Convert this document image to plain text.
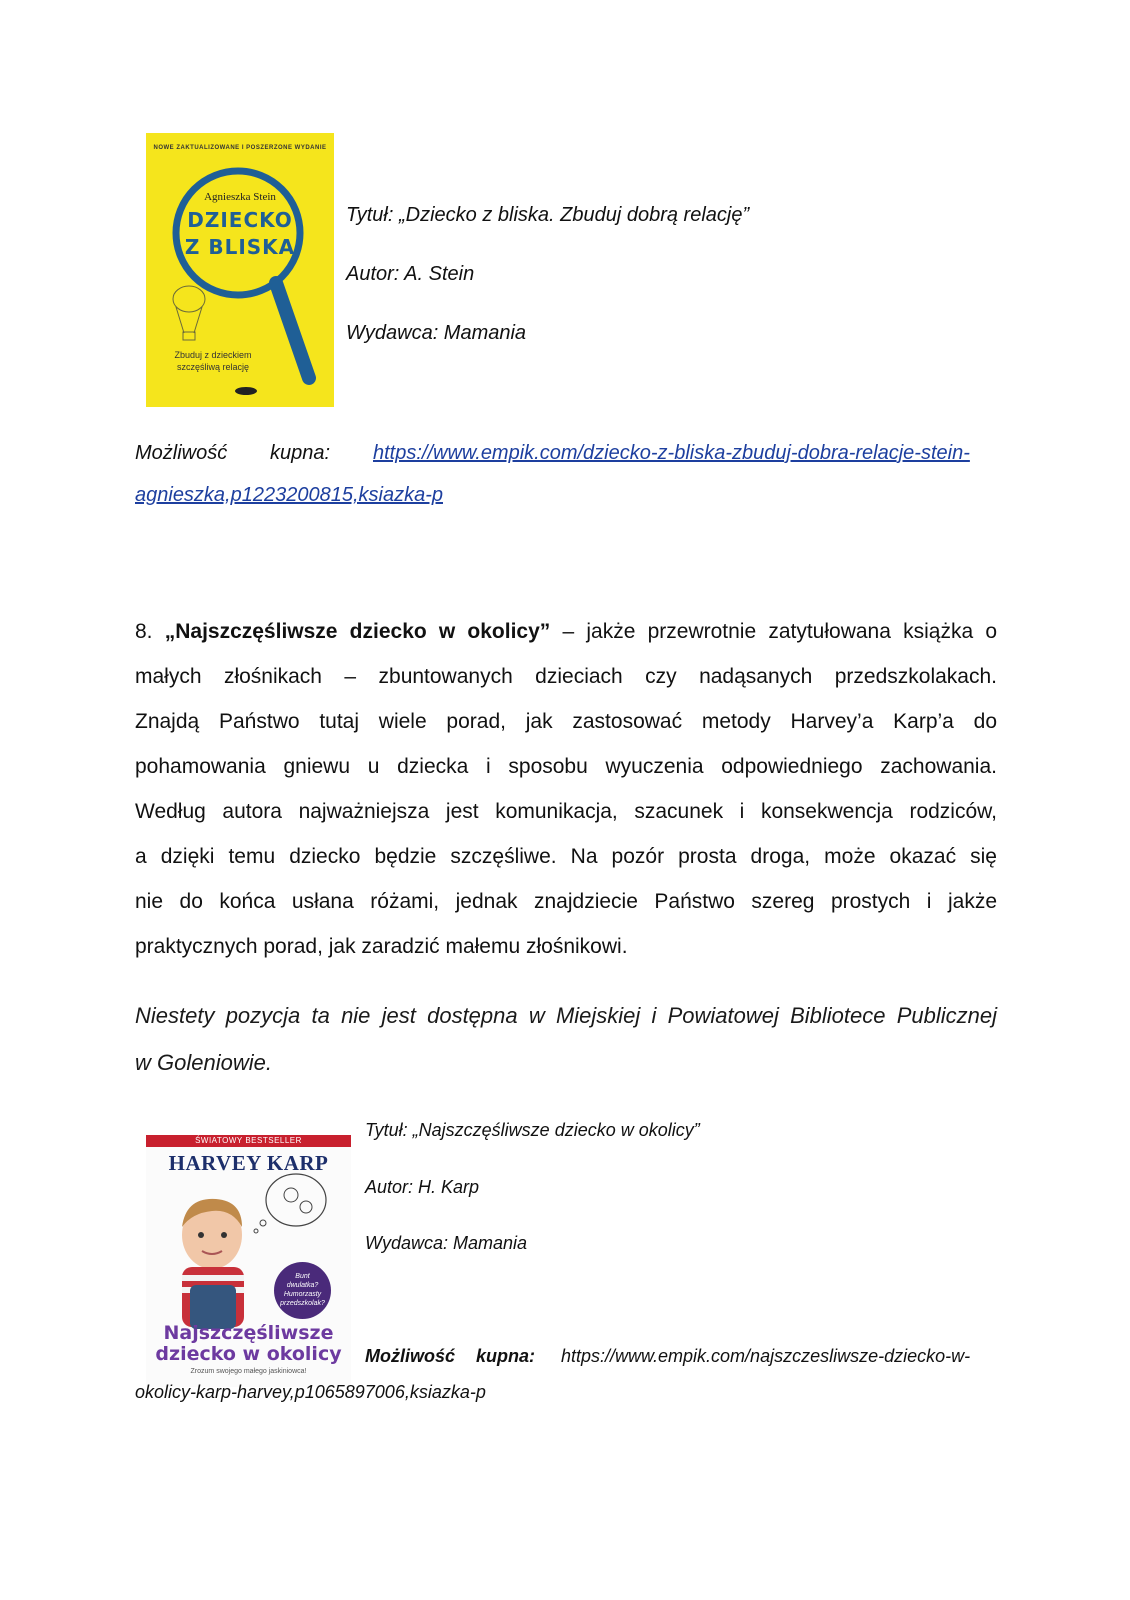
NOWE ZAKTUALIZOWANE I POSZERZONE WYDANIE
Agnieszka Stein
DZIECKO
Z BLISKA
Zbuduj z dzieckiem
szczęśliwą relację
Tytuł: „Dziecko z bliska. Zbuduj dobrą relację”
Autor: A. Stein
Wydawca: Mamania
Możliwość kupna: https://www.empik.com/dziecko-z-bliska-zbuduj-dobra-relacje-stein-
agnieszka,p1223200815,ksiazka-p
8. „Najszczęśliwsze dziecko w okolicy” – jakże przewrotnie zatytułowana książka o
małych złośnikach – zbuntowanych dzieciach czy nadąsanych przedszkolakach.
Znajdą Państwo tutaj wiele porad, jak zastosować metody Harvey’a Karp’a do
pohamowania gniewu u dziecka i sposobu wyuczenia odpowiedniego zachowania.
Według autora najważniejsza jest komunikacja, szacunek i konsekwencja rodziców,
a dzięki temu dziecko będzie szczęśliwe. Na pozór prosta droga, może okazać się
nie do końca usłana różami, jednak znajdziecie Państwo szereg prostych i jakże
praktycznych porad, jak zaradzić małemu złośnikowi.
Niestety pozycja ta nie jest dostępna w Miejskiej i Powiatowej Bibliotece Publicznej
w Goleniowie.
ŚWIATOWY BESTSELLER
HARVEY KARP
Bunt
dwulatka?
Humorzasty
przedszkolak?
Najszczęśliwsze
dziecko w okolicy
Zrozum swojego małego jaskiniowca!
Tytuł: „Najszczęśliwsze dziecko w okolicy”
Autor: H. Karp
Wydawca: Mamania
Możliwość kupna: https://www.empik.com/najszczesliwsze-dziecko-w-
okolicy-karp-harvey,p1065897006,ksiazka-p
